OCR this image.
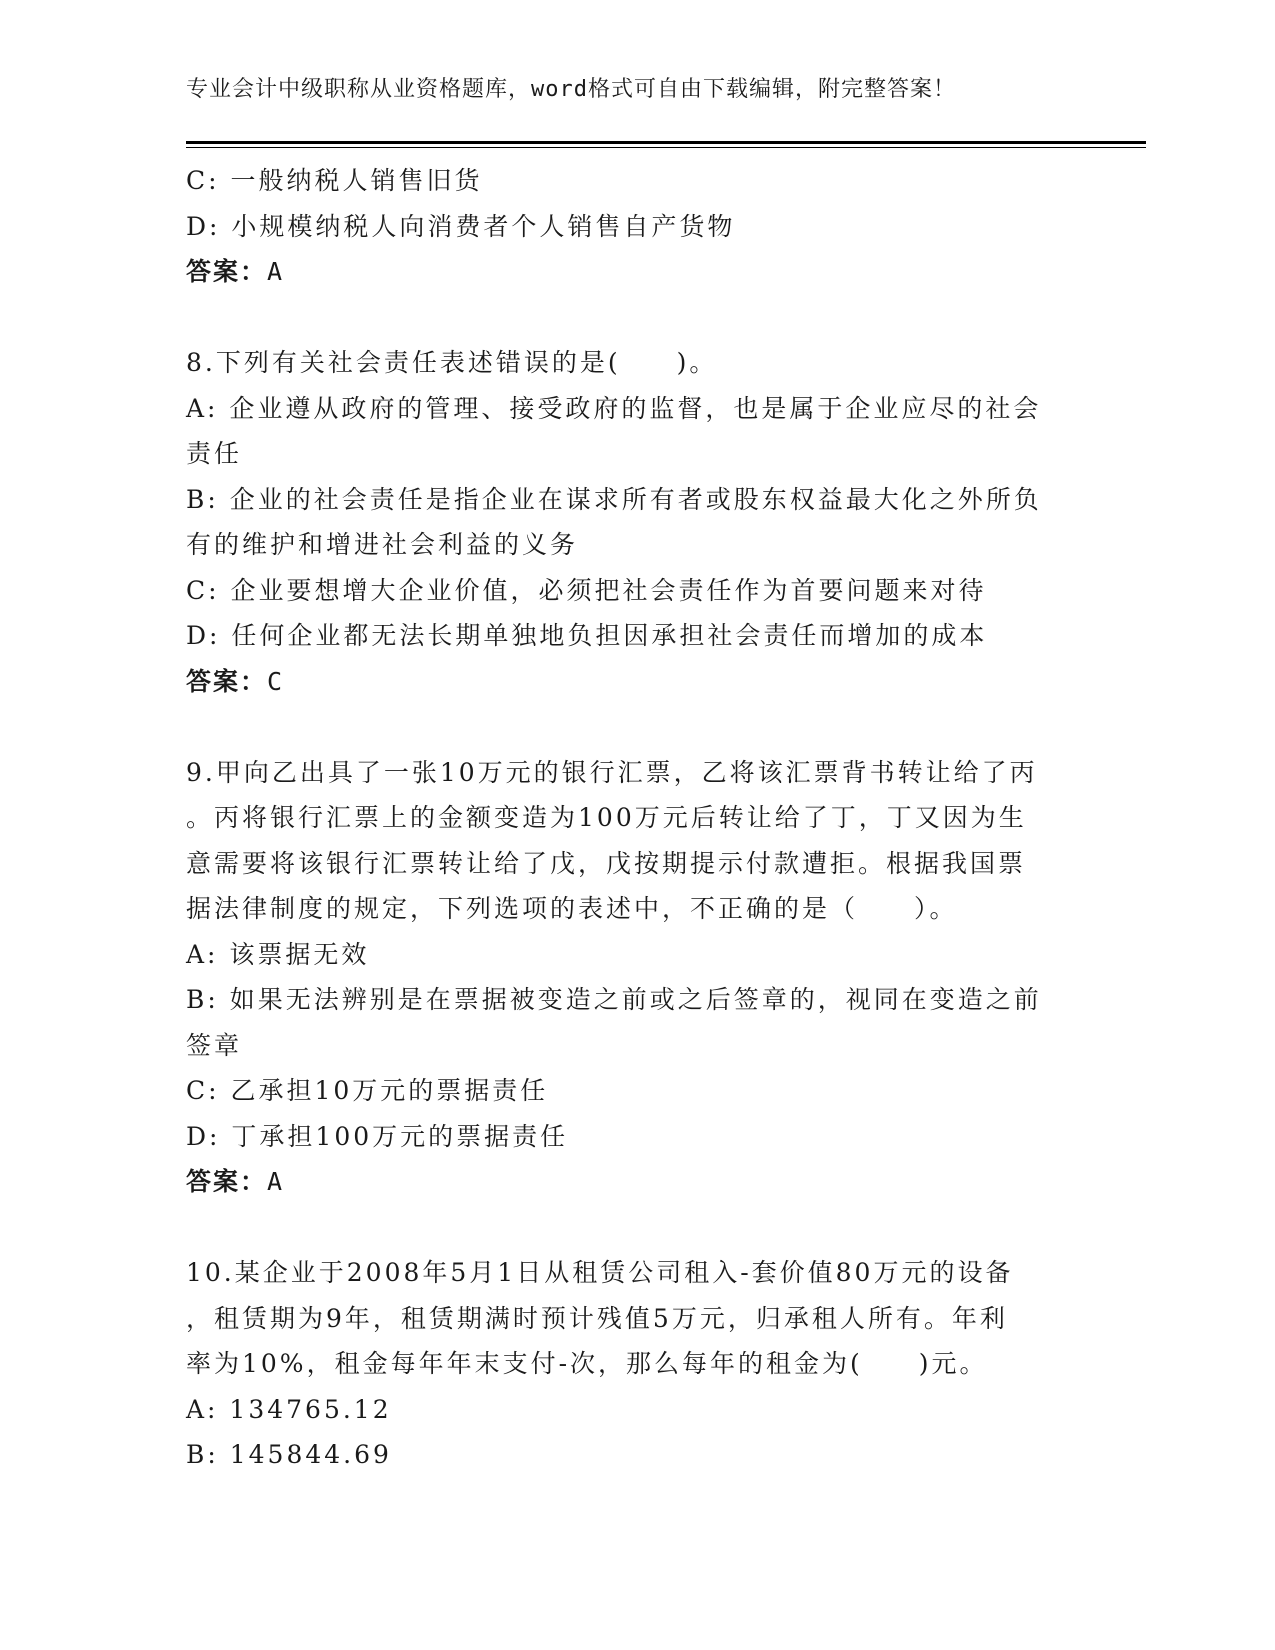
专业会计中级职称从业资格题库，word格式可自由下载编辑，附完整答案！

C: 一般纳税人销售旧货

D: 小规模纳税人向消费者个人销售自产货物

答案：A

8.下列有关社会责任表述错误的是(　　)。

A: 企业遵从政府的管理、接受政府的监督，也是属于企业应尽的社会

责任

B: 企业的社会责任是指企业在谋求所有者或股东权益最大化之外所负

有的维护和增进社会利益的义务

C: 企业要想增大企业价值，必须把社会责任作为首要问题来对待

D: 任何企业都无法长期单独地负担因承担社会责任而增加的成本

答案：C

9.甲向乙出具了一张10万元的银行汇票，乙将该汇票背书转让给了丙

。丙将银行汇票上的金额变造为100万元后转让给了丁，丁又因为生

意需要将该银行汇票转让给了戊，戊按期提示付款遭拒。根据我国票

据法律制度的规定，下列选项的表述中，不正确的是（　　）。

A: 该票据无效

B: 如果无法辨别是在票据被变造之前或之后签章的，视同在变造之前

签章

C: 乙承担10万元的票据责任

D: 丁承担100万元的票据责任

答案：A

10.某企业于2008年5月1日从租赁公司租入-套价值80万元的设备

，租赁期为9年，租赁期满时预计残值5万元，归承租人所有。年利

率为10%，租金每年年末支付-次，那么每年的租金为(　　)元。

A: 134765.12

B: 145844.69
